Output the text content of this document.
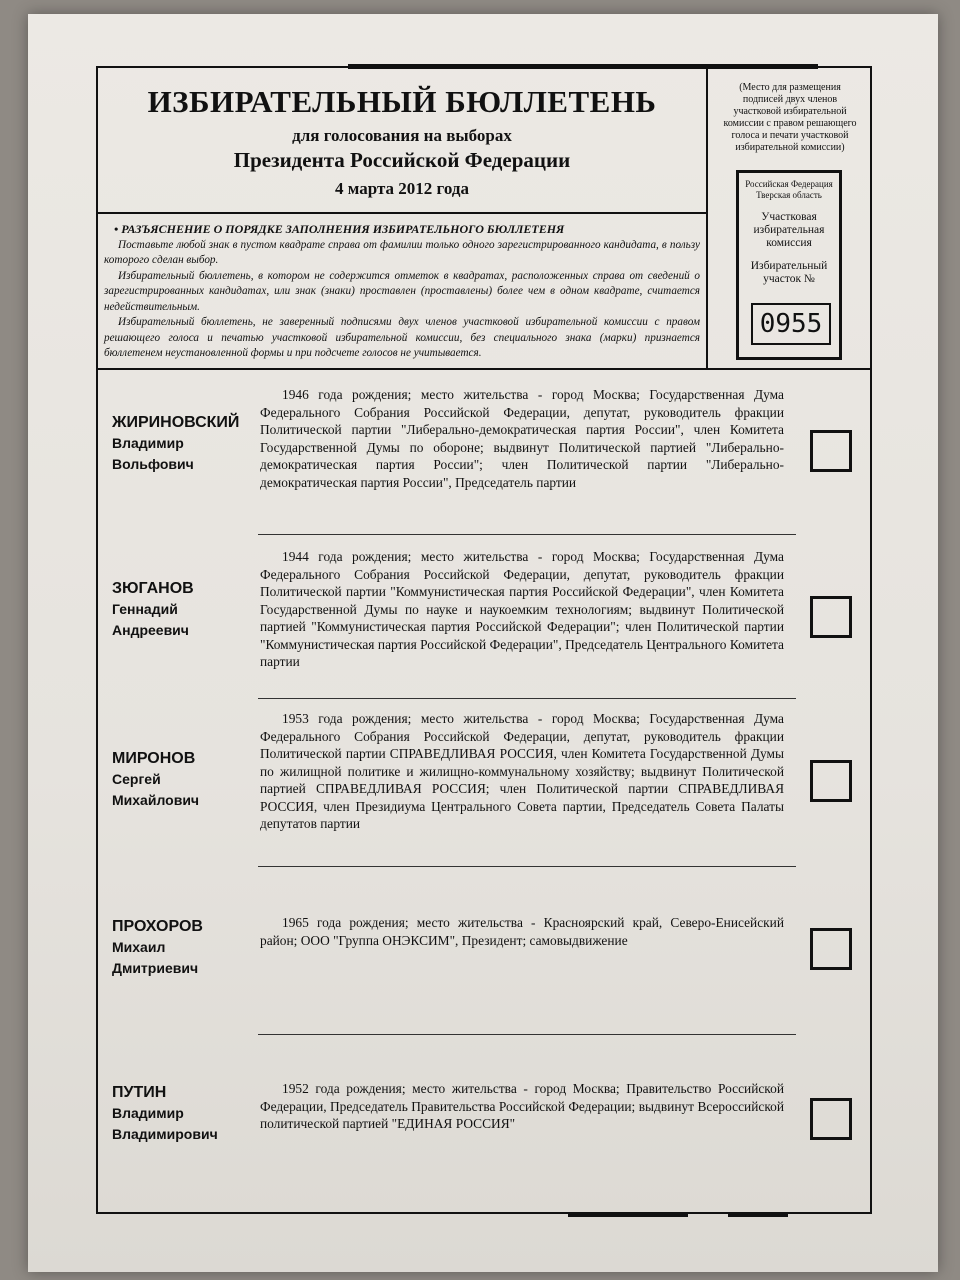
ИЗБИРАТЕЛЬНЫЙ БЮЛЛЕТЕНЬ
для голосования на выборах
Президента Российской Федерации
4 марта 2012 года
• РАЗЪЯСНЕНИЕ О ПОРЯДКЕ ЗАПОЛНЕНИЯ ИЗБИРАТЕЛЬНОГО БЮЛЛЕТЕНЯ

Поставьте любой знак в пустом квадрате справа от фамилии только одного зарегистрированного кандидата, в пользу которого сделан выбор.

Избирательный бюллетень, в котором не содержится отметок в квадратах, расположенных справа от сведений о зарегистрированных кандидатах, или знак (знаки) проставлен (проставлены) более чем в одном квадрате, считается недействительным.

Избирательный бюллетень, не заверенный подписями двух членов участковой избирательной комиссии с правом решающего голоса и печатью участковой избирательной комиссии, без специального знака (марки) признается бюллетенем неустановленной формы и при подсчете голосов не учитывается.

(Место для размещения подписей двух членов участковой избирательной комиссии с правом решающего голоса и печати участковой избирательной комиссии)
Российская Федерация
Тверская область
Участковая
избирательная
комиссия
Избирательный
участок №
0955
ЖИРИНОВСКИЙ
Владимир
Вольфович
1946 года рождения; место жительства - город Москва; Государственная Дума Федерального Собрания Российской Федерации, депутат, руководитель фракции Политической партии "Либерально-демократическая партия России", член Комитета Государственной Думы по обороне; выдвинут Политической партией "Либерально-демократическая партия России"; член Политической партии "Либерально-демократическая партия России", Председатель партии
ЗЮГАНОВ
Геннадий
Андреевич
1944 года рождения; место жительства - город Москва; Государственная Дума Федерального Собрания Российской Федерации, депутат, руководитель фракции Политической партии "Коммунистическая партия Российской Федерации", член Комитета Государственной Думы по науке и наукоемким технологиям; выдвинут Политической партией "Коммунистическая партия Российской Федерации"; член Политической партии "Коммунистическая партия Российской Федерации", Председатель Центрального Комитета партии
МИРОНОВ
Сергей
Михайлович
1953 года рождения; место жительства - город Москва; Государственная Дума Федерального Собрания Российской Федерации, депутат, руководитель фракции Политической партии СПРАВЕДЛИВАЯ РОССИЯ, член Комитета Государственной Думы по жилищной политике и жилищно-коммунальному хозяйству; выдвинут Политической партией СПРАВЕДЛИВАЯ РОССИЯ; член Политической партии СПРАВЕДЛИВАЯ РОССИЯ, член Президиума Центрального Совета партии, Председатель Совета Палаты депутатов партии
ПРОХОРОВ
Михаил
Дмитриевич
1965 года рождения; место жительства - Красноярский край, Северо-Енисейский район; ООО "Группа ОНЭКСИМ", Президент; самовыдвижение
ПУТИН
Владимир
Владимирович
1952 года рождения; место жительства - город Москва; Правительство Российской Федерации, Председатель Правительства Российской Федерации; выдвинут Всероссийской политической партией "ЕДИНАЯ РОССИЯ"
